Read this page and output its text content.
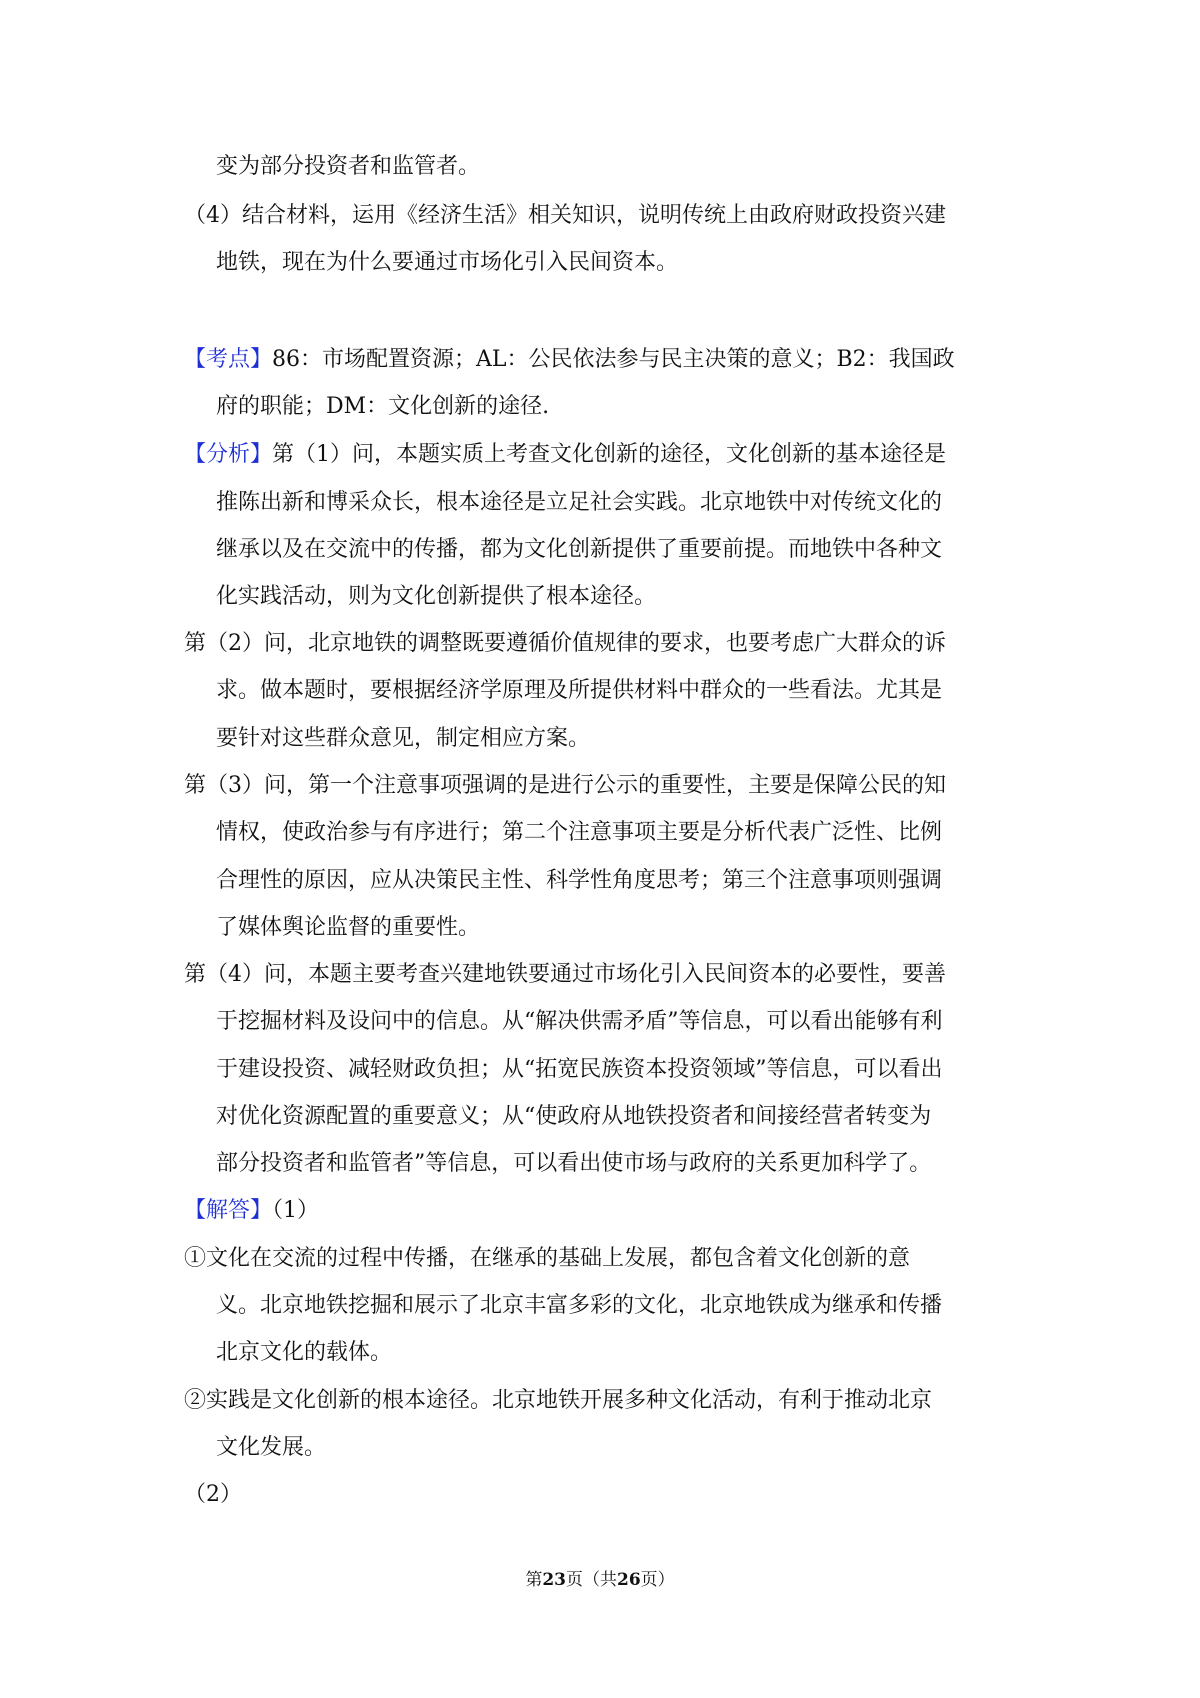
变为部分投资者和监管者。
（4）结合材料，运用《经济生活》相关知识，说明传统上由政府财政投资兴建
地铁，现在为什么要通过市场化引入民间资本。
【考点】86：市场配置资源；AL：公民依法参与民主决策的意义；B2：我国政
府的职能；DM：文化创新的途径.
【分析】第（1）问，本题实质上考查文化创新的途径，文化创新的基本途径是
推陈出新和博采众长，根本途径是立足社会实践。北京地铁中对传统文化的
继承以及在交流中的传播，都为文化创新提供了重要前提。而地铁中各种文
化实践活动，则为文化创新提供了根本途径。
第（2）问，北京地铁的调整既要遵循价值规律的要求，也要考虑广大群众的诉
求。做本题时，要根据经济学原理及所提供材料中群众的一些看法。尤其是
要针对这些群众意见，制定相应方案。
第（3）问，第一个注意事项强调的是进行公示的重要性，主要是保障公民的知
情权，使政治参与有序进行；第二个注意事项主要是分析代表广泛性、比例
合理性的原因，应从决策民主性、科学性角度思考；第三个注意事项则强调
了媒体舆论监督的重要性。
第（4）问，本题主要考查兴建地铁要通过市场化引入民间资本的必要性，要善
于挖掘材料及设问中的信息。从“解决供需矛盾”等信息，可以看出能够有利
于建设投资、减轻财政负担；从“拓宽民族资本投资领域”等信息，可以看出
对优化资源配置的重要意义；从“使政府从地铁投资者和间接经营者转变为
部分投资者和监管者”等信息，可以看出使市场与政府的关系更加科学了。
【解答】（1）
①文化在交流的过程中传播，在继承的基础上发展，都包含着文化创新的意
义。北京地铁挖掘和展示了北京丰富多彩的文化，北京地铁成为继承和传播
北京文化的载体。
②实践是文化创新的根本途径。北京地铁开展多种文化活动，有利于推动北京
文化发展。
（2）
第23页（共26页）
